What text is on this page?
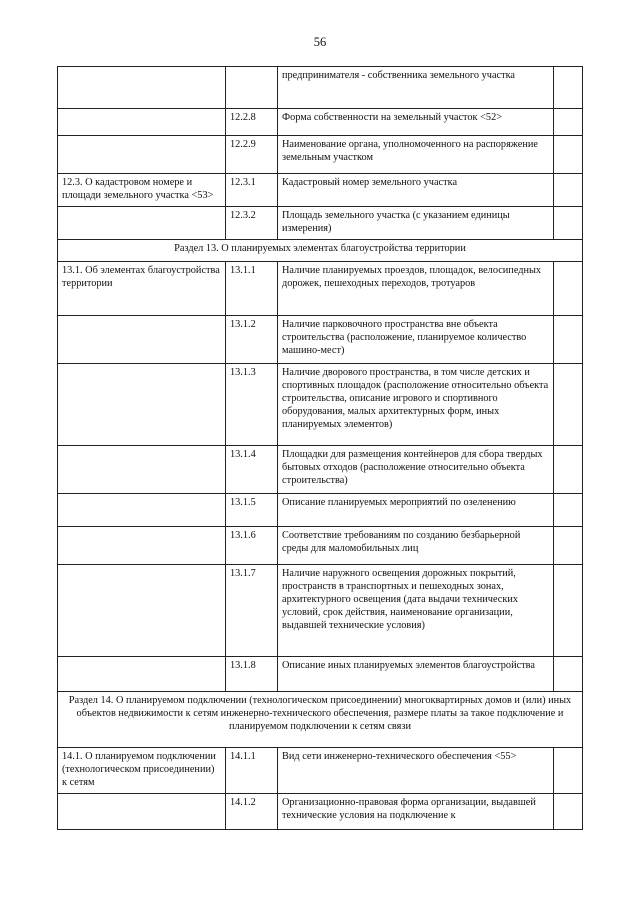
56
		предпринимателя - собственника земельного участка	
	12.2.8	Форма собственности на земельный участок <52>	
	12.2.9	Наименование органа, уполномоченного на распоряжение земельным участком	
12.3. О кадастровом номере и площади земельного участка <53>	12.3.1	Кадастровый номер земельного участка	
	12.3.2	Площадь земельного участка (с указанием единицы измерения)	
Раздел 13. О планируемых элементах благоустройства территории			
13.1. Об элементах благоустройства территории	13.1.1	Наличие планируемых проездов, площадок, велосипедных дорожек, пешеходных переходов, тротуаров	
	13.1.2	Наличие парковочного пространства вне объекта строительства (расположение, планируемое количество машино-мест)	
	13.1.3	Наличие дворового пространства, в том числе детских и спортивных площадок (расположение относительно объекта строительства, описание игрового и спортивного оборудования, малых архитектурных форм, иных планируемых элементов)	
	13.1.4	Площадки для размещения контейнеров для сбора твердых бытовых отходов (расположение относительно объекта строительства)	
	13.1.5	Описание планируемых мероприятий по озеленению	
	13.1.6	Соответствие требованиям по созданию безбарьерной среды для маломобильных лиц	
	13.1.7	Наличие наружного освещения дорожных покрытий, пространств в транспортных и пешеходных зонах, архитектурного освещения (дата выдачи технических условий, срок действия, наименование организации, выдавшей технические условия)	
	13.1.8	Описание иных планируемых элементов благоустройства	
Раздел 14. О планируемом подключении (технологическом присоединении) многоквартирных домов и (или) иных объектов недвижимости к сетям инженерно-технического обеспечения, размере платы за такое подключение и планируемом подключении к сетям связи			
14.1. О планируемом подключении (технологическом присоединении) к сетям	14.1.1	Вид сети инженерно-технического обеспечения <55>	
	14.1.2	Организационно-правовая форма организации, выдавшей технические условия на подключение к	
